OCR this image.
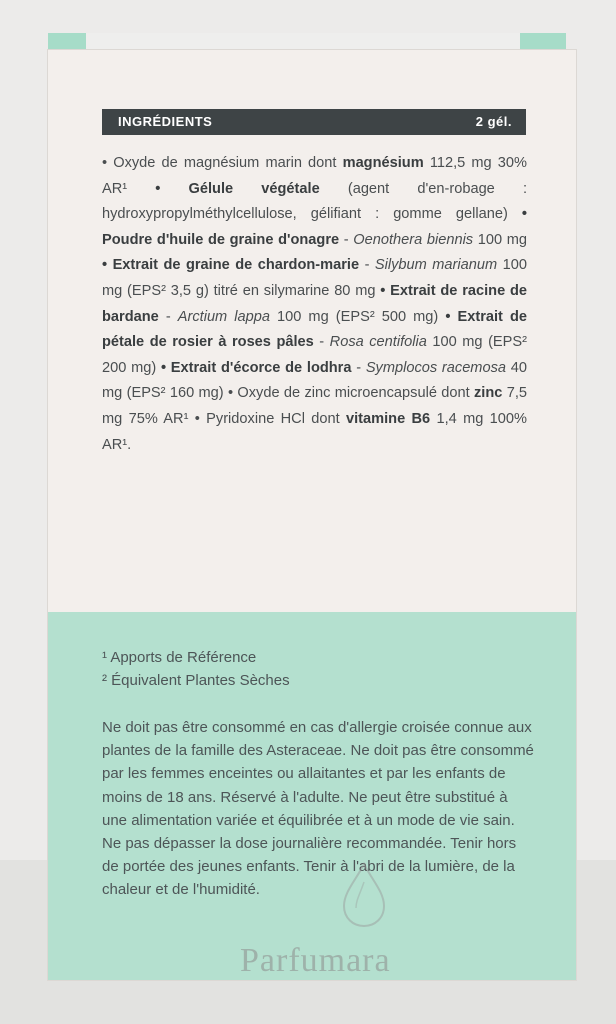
INGRÉDIENTS	2 gél.
• Oxyde de magnésium marin dont magnésium 112,5 mg 30% AR¹ • Gélule végétale (agent d'en-robage : hydroxypropylméthylcellulose, gélifiant : gomme gellane) • Poudre d'huile de graine d'onagre - Oenothera biennis 100 mg • Extrait de graine de chardon-marie - Silybum marianum 100 mg (EPS² 3,5 g) titré en silymarine 80 mg • Extrait de racine de bardane - Arctium lappa 100 mg (EPS² 500 mg) • Extrait de pétale de rosier à roses pâles - Rosa centifolia 100 mg (EPS² 200 mg) • Extrait d'écorce de lodhra - Symplocos racemosa 40 mg (EPS² 160 mg) • Oxyde de zinc microencapsulé dont zinc 7,5 mg 75% AR¹ • Pyridoxine HCl dont vitamine B6 1,4 mg 100% AR¹.
¹ Apports de Référence
² Équivalent Plantes Sèches
Ne doit pas être consommé en cas d'allergie croisée connue aux plantes de la famille des Asteraceae. Ne doit pas être consommé par les femmes enceintes ou allaitantes et par les enfants de moins de 18 ans. Réservé à l'adulte. Ne peut être substitué à une alimentation variée et équilibrée et à un mode de vie sain. Ne pas dépasser la dose journalière recommandée. Tenir hors de portée des jeunes enfants. Tenir à l'abri de la lumière, de la chaleur et de l'humidité.
Parfumara
